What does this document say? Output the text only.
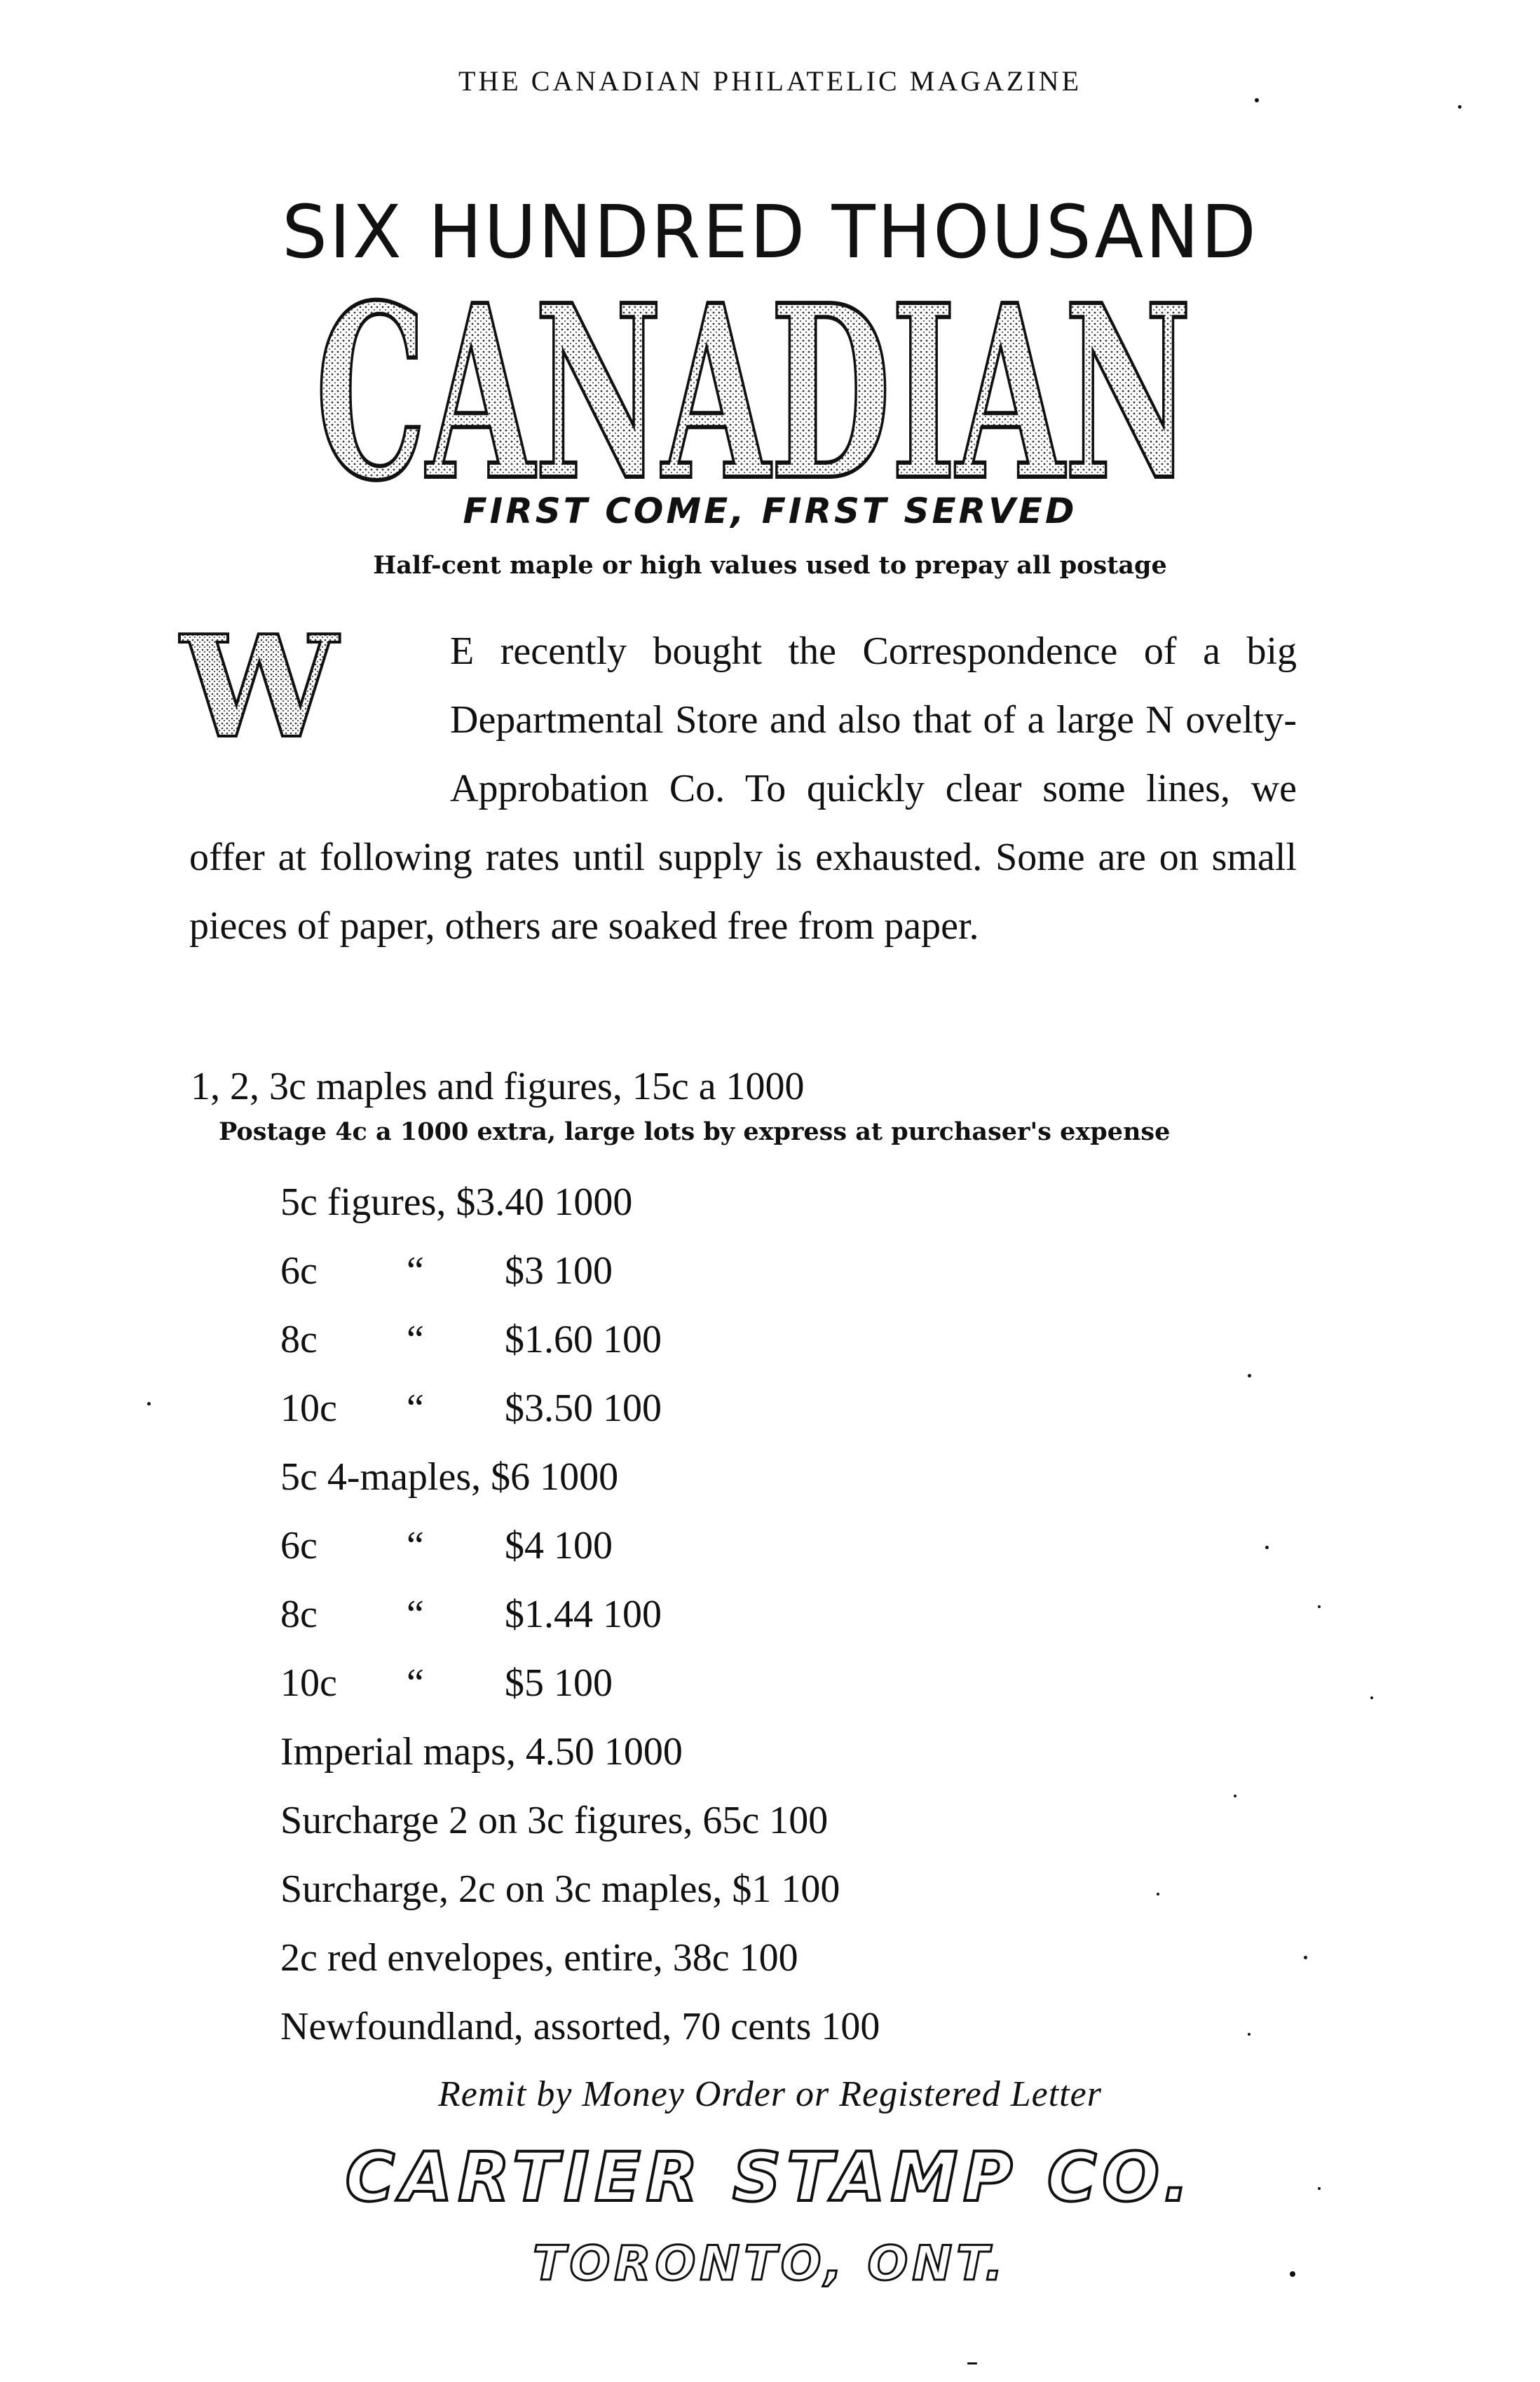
THE CANADIAN PHILATELIC MAGAZINE
SIX HUNDRED THOUSAND
CANADIAN
FIRST COME, FIRST SERVED
Half-cent maple or high values used to prepay all postage
W	E recently bought the Correspondence of a big Departmental Store and also that of a large N ovelty-Approbation Co. To quickly clear some lines, we offer at following rates until supply is exhausted. Some are on small pieces of paper, others are soaked free from paper.
1, 2, 3c maples and figures, 15c a 1000
Postage 4c a 1000 extra, large lots by express at purchaser's expense
5c figures, $3.40 1000
6c “ $3 100
8c “ $1.60 100
10c “ $3.50 100
5c 4-maples, $6 1000
6c “ $4 100
8c “ $1.44 100
10c “ $5 100
Imperial maps, 4.50 1000
Surcharge 2 on 3c figures, 65c 100
Surcharge, 2c on 3c maples, $1 100
2c red envelopes, entire, 38c 100
Newfoundland, assorted, 70 cents 100
Remit by Money Order or Registered Letter
CARTIER STAMP CO.
TORONTO, ONT.
